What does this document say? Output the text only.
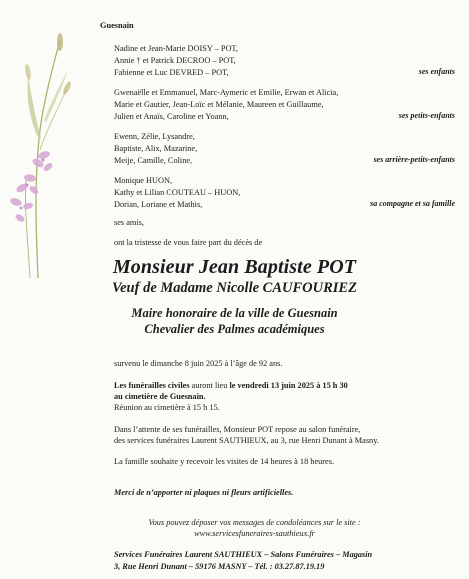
Guesnain
Nadine et Jean-Marie DOISY – POT,
Annie † et Patrick DECROO – POT,
Fabienne et Luc DEVRED – POT,	ses enfants
Gwenaëlle et Emmanuel, Marc-Aymeric et Emilie, Erwan et Alicia,
Marie et Gautier, Jean-Loïc et Mélanie, Maureen et Guillaume,
Julien et Anaïs, Caroline et Yoann,	ses petits-enfants
Ewenn, Zélie, Lysandre,
Baptiste, Alix, Mazarine,
Meije, Camille, Coline,	ses arrière-petits-enfants
Monique HUON,
Kathy et Lilian COUTEAU – HUON,
Dorian, Loriane et Mathis,	sa compagne et sa famille
ses amis,
ont la tristesse de vous faire part du décès de
Monsieur Jean Baptiste POT
Veuf de Madame Nicolle CAUFOURIEZ
Maire honoraire de la ville de Guesnain
Chevalier des Palmes académiques
survenu le dimanche 8 juin 2025 à l’âge de 92 ans.
Les funérailles civiles auront lieu le vendredi 13 juin 2025 à 15 h 30
au cimetière de Guesnain.
Réunion au cimetière à 15 h 15.
Dans l’attente de ses funérailles, Monsieur POT repose au salon funéraire,
des services funéraires Laurent SAUTHIEUX, au 3, rue Henri Dunant à Masny.
La famille souhaite y recevoir les visites de 14 heures à 18 heures.
Merci de n’apporter ni plaques ni fleurs artificielles.
Vous pouvez déposer vos messages de condoléances sur le site :
www.servicesfuneraires-sauthieux.fr
Services Funéraires Laurent SAUTHIEUX – Salons Funéraires – Magasin
3, Rue Henri Dunant – 59176 MASNY – Tél. : 03.27.87.19.19
